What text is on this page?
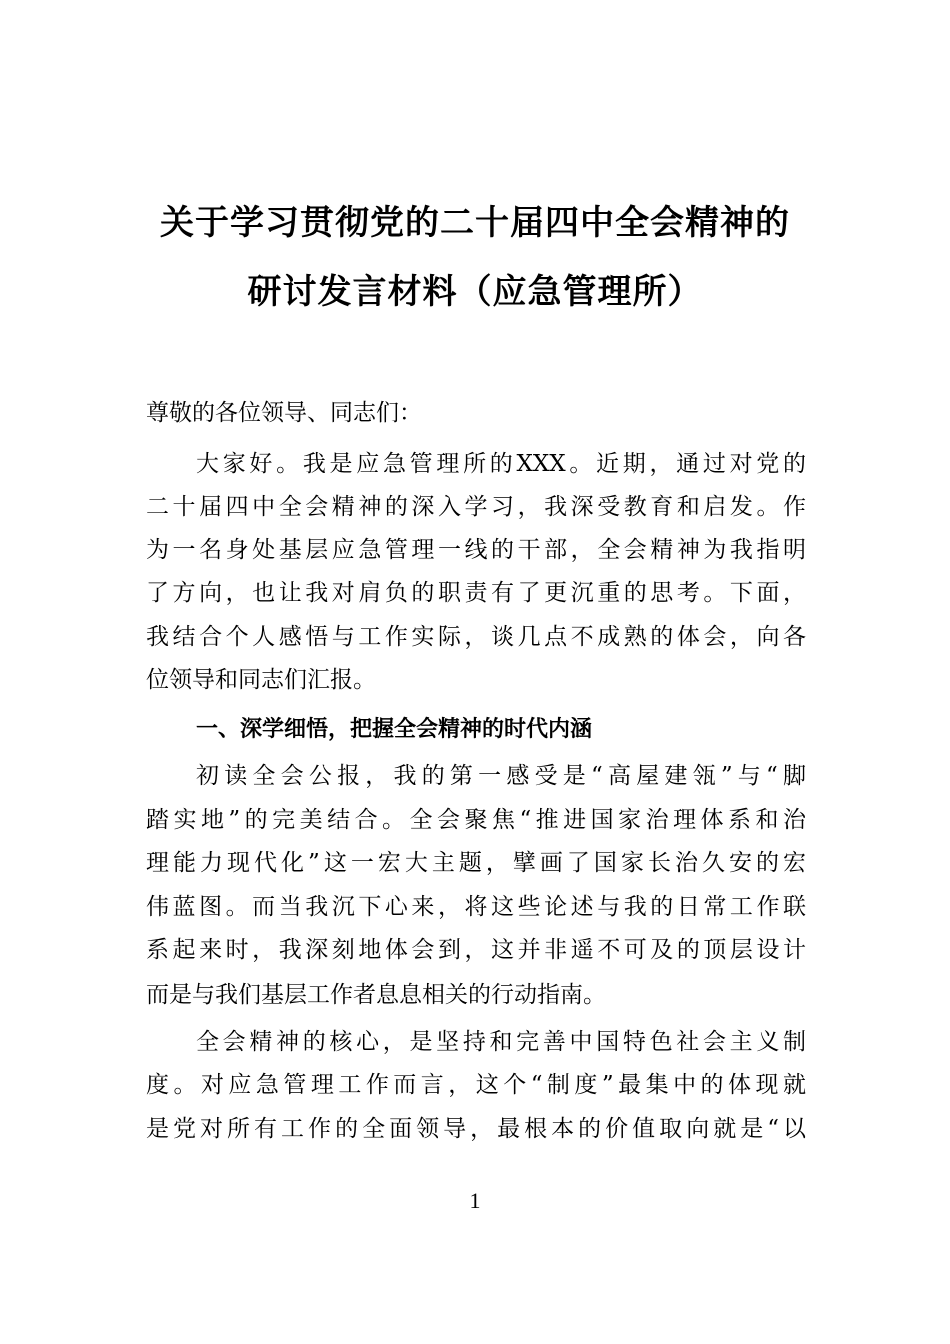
关于学习贯彻党的二十届四中全会精神的
研讨发言材料（应急管理所）
尊敬的各位领导、同志们：
大家好。我是应急管理所的XXX。近期，通过对党的
二十届四中全会精神的深入学习，我深受教育和启发。作
为一名身处基层应急管理一线的干部，全会精神为我指明
了方向，也让我对肩负的职责有了更沉重的思考。下面，
我结合个人感悟与工作实际，谈几点不成熟的体会，向各
位领导和同志们汇报。
一、深学细悟，把握全会精神的时代内涵
初读全会公报，我的第一感受是“高屋建瓴”与“脚
踏实地”的完美结合。全会聚焦“推进国家治理体系和治
理能力现代化”这一宏大主题，擘画了国家长治久安的宏
伟蓝图。而当我沉下心来，将这些论述与我的日常工作联
系起来时，我深刻地体会到，这并非遥不可及的顶层设计
而是与我们基层工作者息息相关的行动指南。
全会精神的核心，是坚持和完善中国特色社会主义制
度。对应急管理工作而言，这个“制度”最集中的体现就
是党对所有工作的全面领导，最根本的价值取向就是“以
1
